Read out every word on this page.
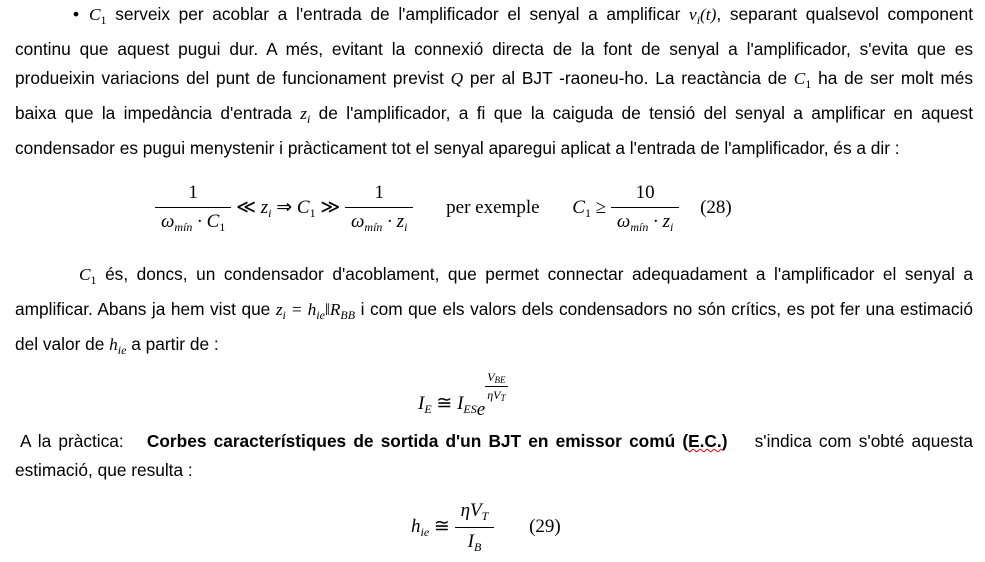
• $C_1$ serveix per acoblar a l'entrada de l'amplificador el senyal a amplificar $v_i(t)$, separant qualsevol component continu que aquest pugui dur. A més, evitant la connexió directa de la font de senyal a l'amplificador, s'evita que es produeixin variacions del punt de funcionament previst Q per al BJT -raoneu-ho. La reactància de $C_1$ ha de ser molt més baixa que la impedància d'entrada $z_i$ de l'amplificador, a fi que la caiguda de tensió del senyal a amplificar en aquest condensador es pugui menystenir i pràcticament tot el senyal aparegui aplicat a l'entrada de l'amplificador, és a dir :
$\frac{1}{\omega_{mín} \cdot C_1}$ ≪ $z_i$ ⇒ $C_1$ ≫ $\frac{1}{\omega_{mín} \cdot z_i}$ per exemple $C_1 \ge \frac{10}{\omega_{mín} \cdot z_i} (28)$
$C_1$ és, doncs, un condensador d'acoblament, que permet connectar adequadament a l'amplificador el senyal a amplificar. Abans ja hem vist que $z_i$ = $h_{ie}‖R_{BB}$ i com que els valors dels condensadors no són crítics, es pot fer una estimació del valor de $h_{ie}$ a partir de :
$I_E$ ≅ $I_{ES}e$
$\frac{\text{VBE}}{\text{ηVT}}$
A la pràctica: Corbes característiques de sortida d'un BJT en emissor comú (E.C.) s'indica com s'obté aquesta estimació, que resulta :
$h_{ie}$ ≅ $\frac{\eta V_T}{I_B} (29)$
